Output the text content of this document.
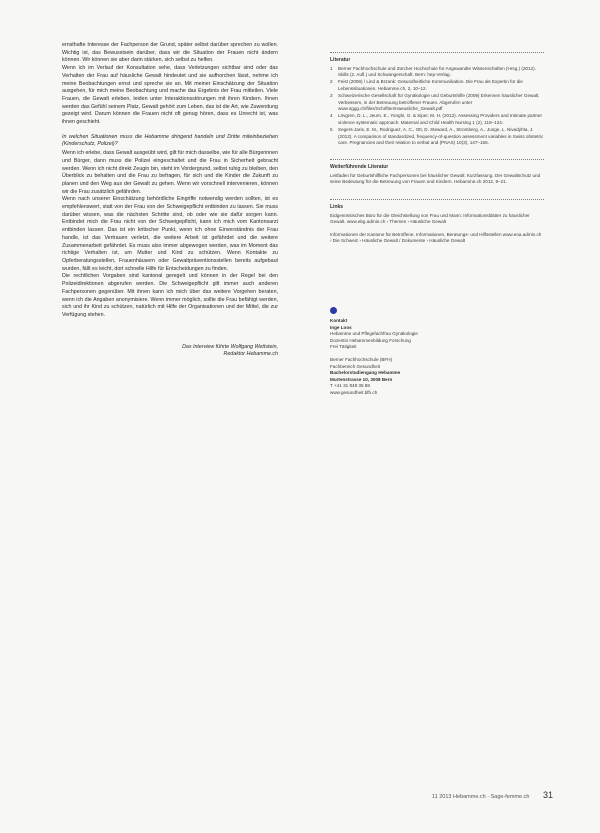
ernsthafte Interesse der Fachperson der Grund, später selbst darüber sprechen zu wollen. Wichtig ist, das Bewusstsein darüber, dass wir die Situation der Frauen nicht ändern können. Wir können sie aber darin stärken, sich selbst zu helfen.

Wenn ich im Verlauf der Konsultation sehe, dass Verletzungen sichtbar sind oder das Verhalten der Frau auf häusliche Gewalt hindeutet und sie aufhorchen lässt, nehme ich meine Beobachtungen ernst und spreche sie an. Mit meiner Einschätzung der Situation ausgehen, für mich meine Beobachtung und mache das Ergebnis der Frau mitteilen. Viele Frauen, die Gewalt erleben, leiden unter Interaktionsstörungen mit ihren Kindern. Ihnen werden das Gefühl seinem Platz, Gewalt gehört zum Leben, das ist die Art, wie Zuwendung gezeigt wird. Darum können die Frauen nicht oft genug hören, dass es Unrecht ist, was ihnen geschieht.

In welchen Situationen muss die Hebamme dringend handeln und Dritte miteinbeziehen (Kinderschutz, Polizei)?

Wenn ich erlebe, dass Gewalt ausgeübt wird, gilt für mich dasselbe, wie für alle Bürgerinnen und Bürger, dann muss die Polizei eingeschaltet und die Frau in Sicherheit gebracht werden. Wenn ich nicht direkt Zeugin bin, steht im Vordergrund, selbst ruhig zu bleiben, den Überblick zu behalten und die Frau zu befragen, für sich und die Kinder die Zukunft zu planen und den Weg aus der Gewalt zu gehen. Wenn wir vorschnell intervenieren, können wir die Frau zusätzlich gefährden.

Wenn nach unserer Einschätzung behördliche Eingriffe notwendig werden sollten, ist es empfehlenswert, statt von der Frau von der Schweigepflicht entbinden zu lassen. Sie muss darüber wissen, was die nächsten Schritte sind, ob oder wie sie dafür sorgen kann. Entbindet mich die Frau nicht von der Schweigepflicht, kann ich mich vom Kantonsarzt entbinden lassen. Das ist ein kritischer Punkt, wenn ich ohne Einverständnis der Frau handle, ist das Vertrauen verletzt, die weitere Arbeit ist gefährdet und die weitere Zusammenarbeit gefährdet. Es muss also immer abgewogen werden, was im Moment das richtige Verhalten ist, um Mutter und Kind zu schützen. Wenn Kontakte zu Opferberatungsstellen, Frauenhäusern oder Gewaltpräventionsstellen bereits aufgebaut wurden, fällt es leicht, dort schnelle Hilfe für Entscheidungen zu finden.

Die rechtlichen Vorgaben sind kantonal geregelt und können in der Regel bei den Polizeidirektionen abgerufen werden. Die Schweigepflicht gilt immer auch anderen Fachpersonen gegenüber. Mit ihnen kann ich mich über das weitere Vorgehen beraten, wenn ich die Angaben anonymisiere. Wenn immer möglich, sollte die Frau befähigt werden, sich und ihr Kind zu schützen, natürlich mit Hilfe der Organisationen und der Mittel, die zur Verfügung stehen.

Das Interview führte Wolfgang Wettstein,
Redaktor Hebamme.ch
Literatur
1 Berner Fachhochschule und Zürcher Hochschule für Angewandte Wissenschaften (Hrsg.) (2012). Skills (2. Aufl.) und Schwangerschaft. Bern: hep-Verlag.
2 Feist (2008) / Lind & Brzank: Gesundheitliche Kommunikation. Die Frau als Expertin für die Lebenssituationen. Hebamme.ch, 2, 10–12.
3 Schweizerische Gesellschaft für Gynäkologie und Geburtshilfe (2009) Erkennen häuslicher Gewalt. Verbessern, in der Betreuung betroffener Frauen. Abgerufen unter www.sggg.ch/files/Schriften/Haeusliche_Gewalt.pdf
4 Lövgren, D. L., Jeurn, E., Yonghi, G. & Siper, M. H. (2012). Assessing Providers and Intimate partner violence systematic approach. Maternal and Child Health Nursing 1 (2), 118–124.
5 Segers-Jaris, E. M., Rodriguez, A. C., Ott, D. Steward, A., Stromberg, A., Junge, L. Nivadyhta, J. (2012). A comparison of standardized, frequency-of-question assessment variables in Swiss obstetric care. Pregnancies and their relation to verbal and (PNAS) 10(3), 147–155.
Weiterführende Literatur
Leitfaden für Geburtshilfliche Fachpersonen bei häuslicher Gewalt: Kurzfassung. Der Gewaltschutz und seine Bedeutung für die Betreuung von Frauen und Kindern. Hebamme.ch 2012, 9–21.
Links
Eidgenössisches Büro für die Gleichstellung von Frau und Mann: Informationsblätter zu häuslicher Gewalt. www.ebg.admin.ch › Themen › Häusliche Gewalt
Informationen der Kantone für Betroffene, Informationen, Beratungs- und Hilfsstellen www.eoa.admin.ch › Die Schweiz › Häusliche Gewalt / Dokumente › Häusliche Gewalt

Kontakt

Inge Loos

Hebamme und Pflegefachfrau Gynäkologie

Dozentin Hebammenbildung Forschung

Frei Tätigkeit

Berner Fachhochschule (BFH)

Fachbereich Gesundheit

Bachelorstudiengang Hebamme

Murtenstrasse 10, 3008 Bern

T +41 31 848 35 88

www.gesundheit.bfh.ch

11 2013 Hebamme.ch · Sage-femme.ch 31
